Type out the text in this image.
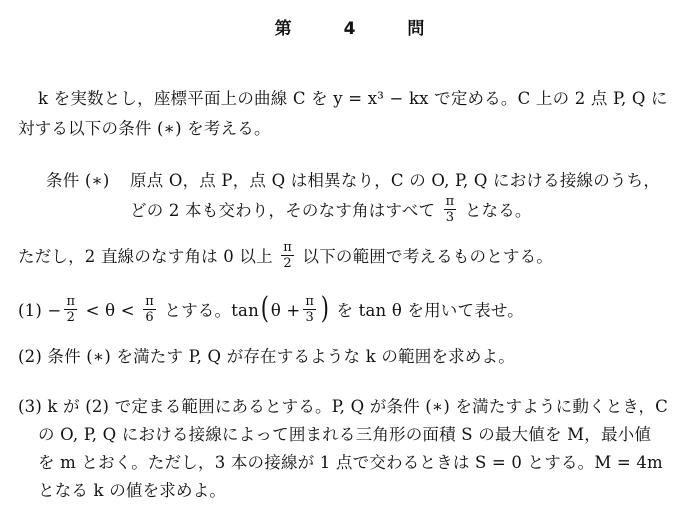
第	4	問
k を実数とし，座標平面上の曲線 C を y = x³ − kx で定める。C 上の 2 点 P, Q に
対する以下の条件 (∗) を考える。
条件 (∗) 原点 O，点 P，点 Q は相異なり，C の O, P, Q における接線のうち，
どの 2 本も交わり，そのなす角はすべて $\frac{\pi}{3}$ となる。
ただし，2 直線のなす角は 0 以上 $\frac{\pi}{2}$ 以下の範囲で考えるものとする。
$(1) - \frac{\pi}{2} < \theta < \frac{\pi}{6}$ とする。tan( $\theta + \frac{\pi}{3}$ ) を tan θ を用いて表せ。
(2) 条件 (∗) を満たす P, Q が存在するような k の範囲を求めよ。
(3) k が (2) で定まる範囲にあるとする。P, Q が条件 (∗) を満たすように動くとき，C
の O, P, Q における接線によって囲まれる三角形の面積 S の最大値を M，最小値
を m とおく。ただし，3 本の接線が 1 点で交わるときは S = 0 とする。M = 4m
となる k の値を求めよ。
